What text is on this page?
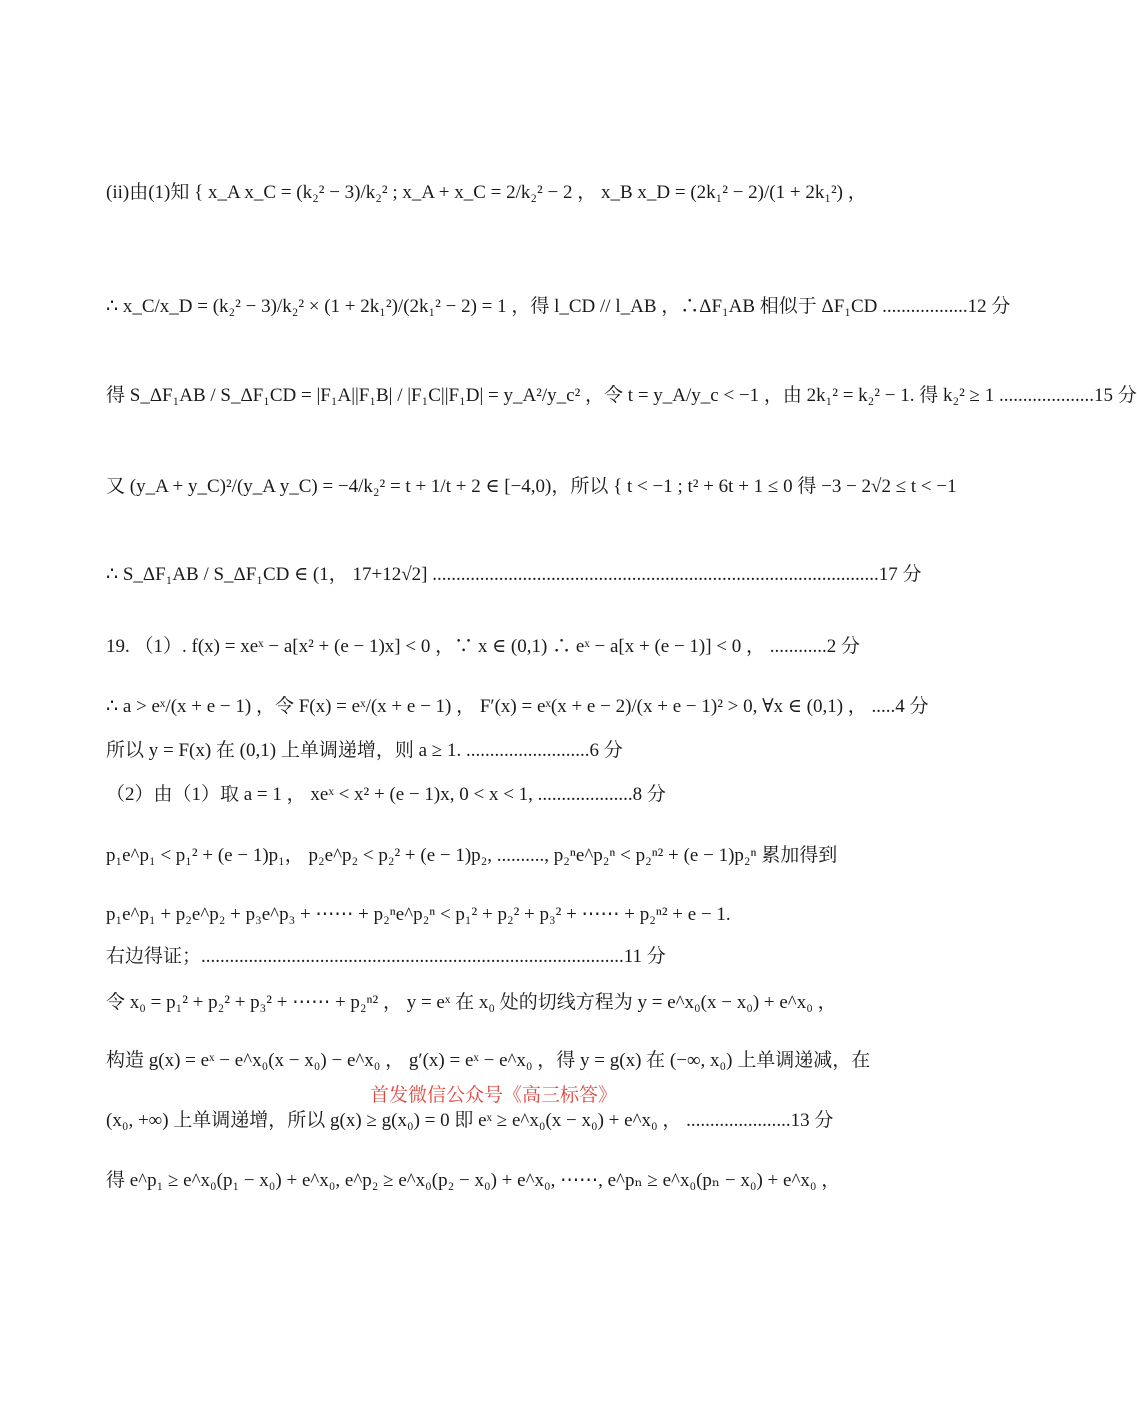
(ii)由(1)知 { x_A x_C = (k₂² − 3)/k₂² ; x_A + x_C = 2/k₂² − 2 ， x_B x_D = (2k₁² − 2)/(1 + 2k₁²) ，
∴ x_C/x_D = (k₂² − 3)/k₂² × (1 + 2k₁²)/(2k₁² − 2) = 1 ，得 l_CD // l_AB ，∴ΔF₁AB 相似于 ΔF₁CD ..................12 分
得 S_ΔF₁AB / S_ΔF₁CD = |F₁A||F₁B| / |F₁C||F₁D| = y_A²/y_c² ，令 t = y_A/y_c < −1 ，由 2k₁² = k₂² − 1. 得 k₂² ≥ 1 ....................15 分
又 (y_A + y_C)²/(y_A y_C) = −4/k₂² = t + 1/t + 2 ∈ [−4,0)，所以 { t < −1 ; t² + 6t + 1 ≤ 0 得 −3 − 2√2 ≤ t < −1
∴ S_ΔF₁AB / S_ΔF₁CD ∈ (1， 17+12√2] ..............................................................................................17 分
19. （1）. f(x) = xeˣ − a[x² + (e − 1)x] < 0 ，∵ x ∈ (0,1) ∴ eˣ − a[x + (e − 1)] < 0 ， ............2 分
∴ a > eˣ/(x + e − 1) ，令 F(x) = eˣ/(x + e − 1) ， F′(x) = eˣ(x + e − 2)/(x + e − 1)² > 0, ∀x ∈ (0,1) ， .....4 分
所以 y = F(x) 在 (0,1) 上单调递增，则 a ≥ 1. ..........................6 分
（2）由（1）取 a = 1 ， xeˣ < x² + (e − 1)x, 0 < x < 1, ....................8 分
p₁e^p₁ < p₁² + (e − 1)p₁， p₂e^p₂ < p₂² + (e − 1)p₂, .........., p₂ⁿe^p₂ⁿ < p₂ⁿ² + (e − 1)p₂ⁿ 累加得到
p₁e^p₁ + p₂e^p₂ + p₃e^p₃ + ⋯⋯ + p₂ⁿe^p₂ⁿ < p₁² + p₂² + p₃² + ⋯⋯ + p₂ⁿ² + e − 1.
右边得证；.........................................................................................11 分
令 x₀ = p₁² + p₂² + p₃² + ⋯⋯ + p₂ⁿ² ， y = eˣ 在 x₀ 处的切线方程为 y = e^x₀(x − x₀) + e^x₀ ，
构造 g(x) = eˣ − e^x₀(x − x₀) − e^x₀ ， g′(x) = eˣ − e^x₀ ，得 y = g(x) 在 (−∞, x₀) 上单调递减，在
首发微信公众号《高三标答》
(x₀, +∞) 上单调递增，所以 g(x) ≥ g(x₀) = 0 即 eˣ ≥ e^x₀(x − x₀) + e^x₀ ， ......................13 分
得 e^p₁ ≥ e^x₀(p₁ − x₀) + e^x₀, e^p₂ ≥ e^x₀(p₂ − x₀) + e^x₀, ⋯⋯, e^pₙ ≥ e^x₀(pₙ − x₀) + e^x₀ ，
